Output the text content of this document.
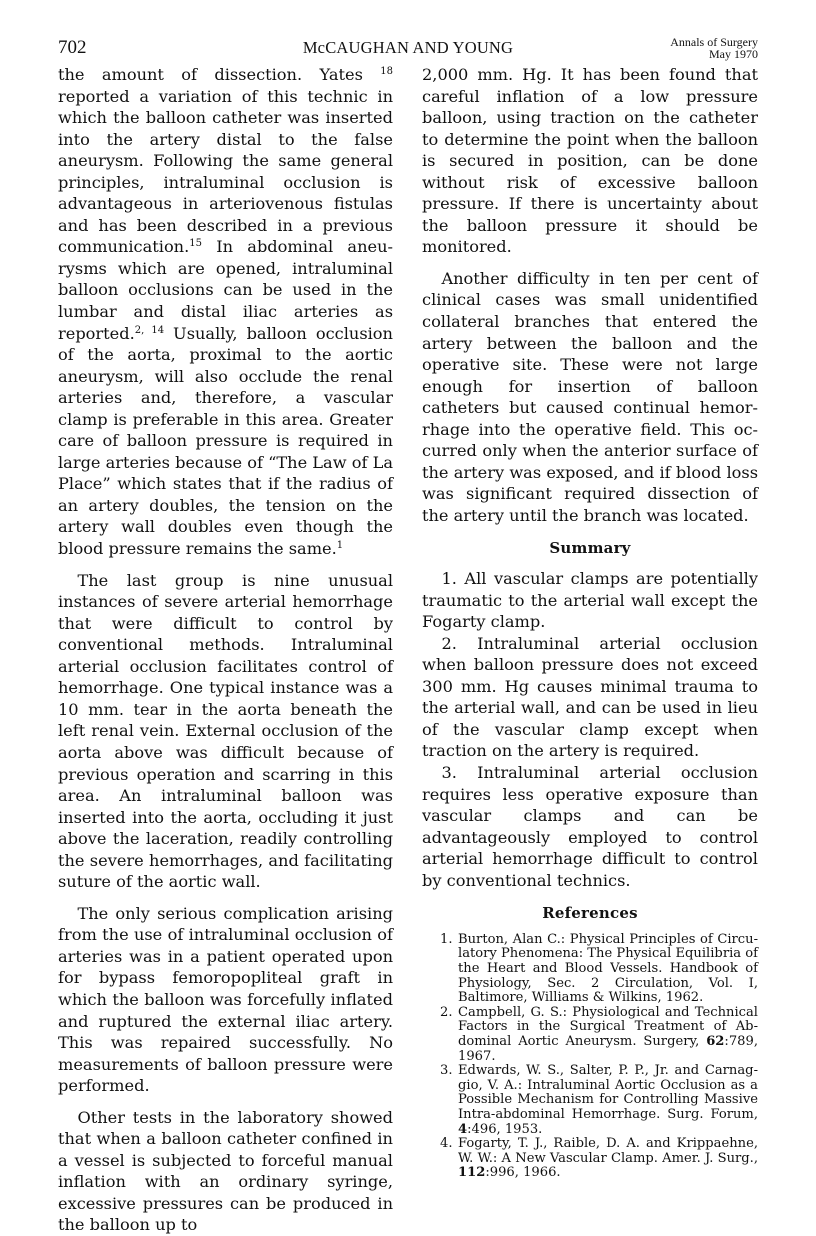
702	McCAUGHAN AND YOUNG	Annals of Surgery
May 1970

the amount of dissection. Yates $^{18}$ reported a variation of this technic in which the balloon catheter was inserted into the artery distal to the false aneurysm. Following the same general principles, intraluminal occlusion is advantageous in arteriovenous fistulas and has been described in a previous communication.$^{15}$ In abdominal aneurysms which are opened, intraluminal balloon occlusions can be used in the lumbar and distal iliac arteries as reported.$^{2, 14}$ Usually, balloon occlusion of the aorta, proximal to the aortic aneurysm, will also occlude the renal arteries and, therefore, a vascular clamp is preferable in this area. Greater care of balloon pressure is required in large arteries because of “The Law of La Place” which states that if the radius of an artery doubles, the tension on the artery wall doubles even though the blood pressure remains the same.$^1$

The last group is nine unusual instances of severe arterial hemorrhage that were difficult to control by conventional methods. Intraluminal arterial occlusion facilitates control of hemorrhage. One typical instance was a 10 mm. tear in the aorta beneath the left renal vein. External occlusion of the aorta above was difficult because of previous operation and scarring in this area. An intraluminal balloon was inserted into the aorta, occluding it just above the laceration, readily controlling the severe hemorrhages, and facilitating suture of the aortic wall.

The only serious complication arising from the use of intraluminal occlusion of arteries was in a patient operated upon for bypass femoropopliteal graft in which the balloon was forcefully inflated and ruptured the external iliac artery. This was repaired successfully. No measurements of balloon pressure were performed.

Other tests in the laboratory showed that when a balloon catheter confined in a vessel is subjected to forceful manual inflation with an ordinary syringe, excessive pressures can be produced in the balloon up to

2,000 mm. Hg. It has been found that careful inflation of a low pressure balloon, using traction on the catheter to determine the point when the balloon is secured in position, can be done without risk of excessive balloon pressure. If there is uncertainty about the balloon pressure it should be monitored.

Another difficulty in ten per cent of clinical cases was small unidentified collateral branches that entered the artery between the balloon and the operative site. These were not large enough for insertion of balloon catheters but caused continual hemorrhage into the operative field. This occurred only when the anterior surface of the artery was exposed, and if blood loss was significant required dissection of the artery until the branch was located.

Summary

1. All vascular clamps are potentially traumatic to the arterial wall except the Fogarty clamp.

2. Intraluminal arterial occlusion when balloon pressure does not exceed 300 mm. Hg causes minimal trauma to the arterial wall, and can be used in lieu of the vascular clamp except when traction on the artery is required.

3. Intraluminal arterial occlusion requires less operative exposure than vascular clamps and can be advantageously employed to control arterial hemorrhage difficult to control by conventional technics.

References

1. Burton, Alan C.: Physical Principles of Circulatory Phenomena: The Physical Equilibria of the Heart and Blood Vessels. Handbook of Physiology, Sec. 2 Circulation, Vol. I, Baltimore, Williams & Wilkins, 1962.

2. Campbell, G. S.: Physiological and Technical Factors in the Surgical Treatment of Abdominal Aortic Aneurysm. Surgery, 62:789, 1967.

3. Edwards, W. S., Salter, P. P., Jr. and Carnaggio, V. A.: Intraluminal Aortic Occlusion as a Possible Mechanism for Controlling Massive Intra-abdominal Hemorrhage. Surg. Forum, 4:496, 1953.

4. Fogarty, T. J., Raible, D. A. and Krippaehne, W. W.: A New Vascular Clamp. Amer. J. Surg., 112:996, 1966.
